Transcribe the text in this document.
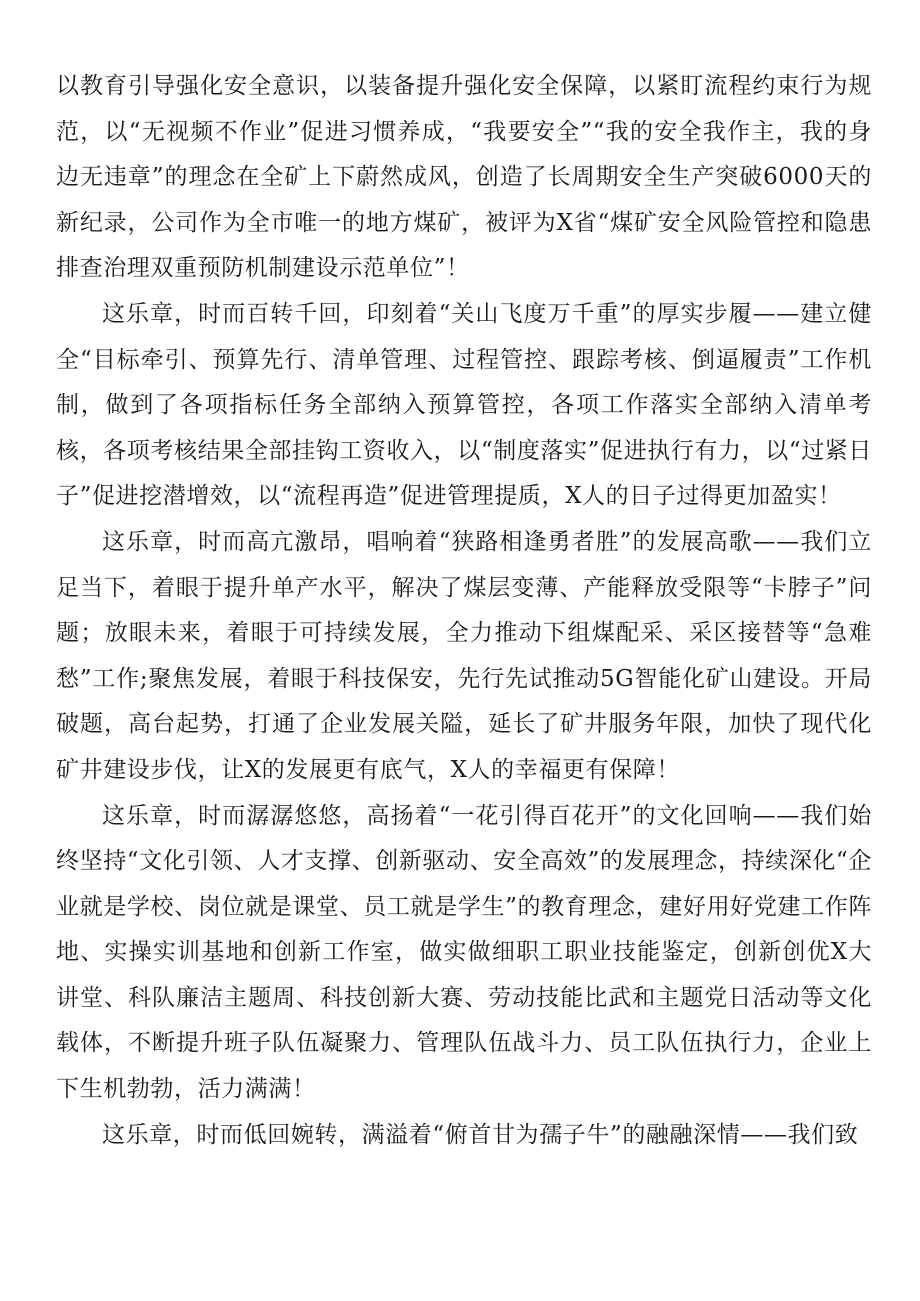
以教育引导强化安全意识，以装备提升强化安全保障，以紧盯流程约束行为规范，以“无视频不作业”促进习惯养成，“我要安全”“我的安全我作主，我的身边无违章”的理念在全矿上下蔚然成风，创造了长周期安全生产突破6000天的新纪录，公司作为全市唯一的地方煤矿，被评为X省“煤矿安全风险管控和隐患排查治理双重预防机制建设示范单位”！

这乐章，时而百转千回，印刻着“关山飞度万千重”的厚实步履——建立健全“目标牵引、预算先行、清单管理、过程管控、跟踪考核、倒逼履责”工作机制，做到了各项指标任务全部纳入预算管控，各项工作落实全部纳入清单考核，各项考核结果全部挂钩工资收入，以“制度落实”促进执行有力，以“过紧日子”促进挖潜增效，以“流程再造”促进管理提质，X人的日子过得更加盈实！

这乐章，时而高亢激昂，唱响着“狭路相逢勇者胜”的发展高歌——我们立足当下，着眼于提升单产水平，解决了煤层变薄、产能释放受限等“卡脖子”问题；放眼未来，着眼于可持续发展，全力推动下组煤配采、采区接替等“急难愁”工作;聚焦发展，着眼于科技保安，先行先试推动5G智能化矿山建设。开局破题，高台起势，打通了企业发展关隘，延长了矿井服务年限，加快了现代化矿井建设步伐，让X的发展更有底气，X人的幸福更有保障！

这乐章，时而潺潺悠悠，高扬着“一花引得百花开”的文化回响——我们始终坚持“文化引领、人才支撑、创新驱动、安全高效”的发展理念，持续深化“企业就是学校、岗位就是课堂、员工就是学生”的教育理念，建好用好党建工作阵地、实操实训基地和创新工作室，做实做细职工职业技能鉴定，创新创优X大讲堂、科队廉洁主题周、科技创新大赛、劳动技能比武和主题党日活动等文化载体，不断提升班子队伍凝聚力、管理队伍战斗力、员工队伍执行力，企业上下生机勃勃，活力满满！

这乐章，时而低回婉转，满溢着“俯首甘为孺子牛”的融融深情——我们致
